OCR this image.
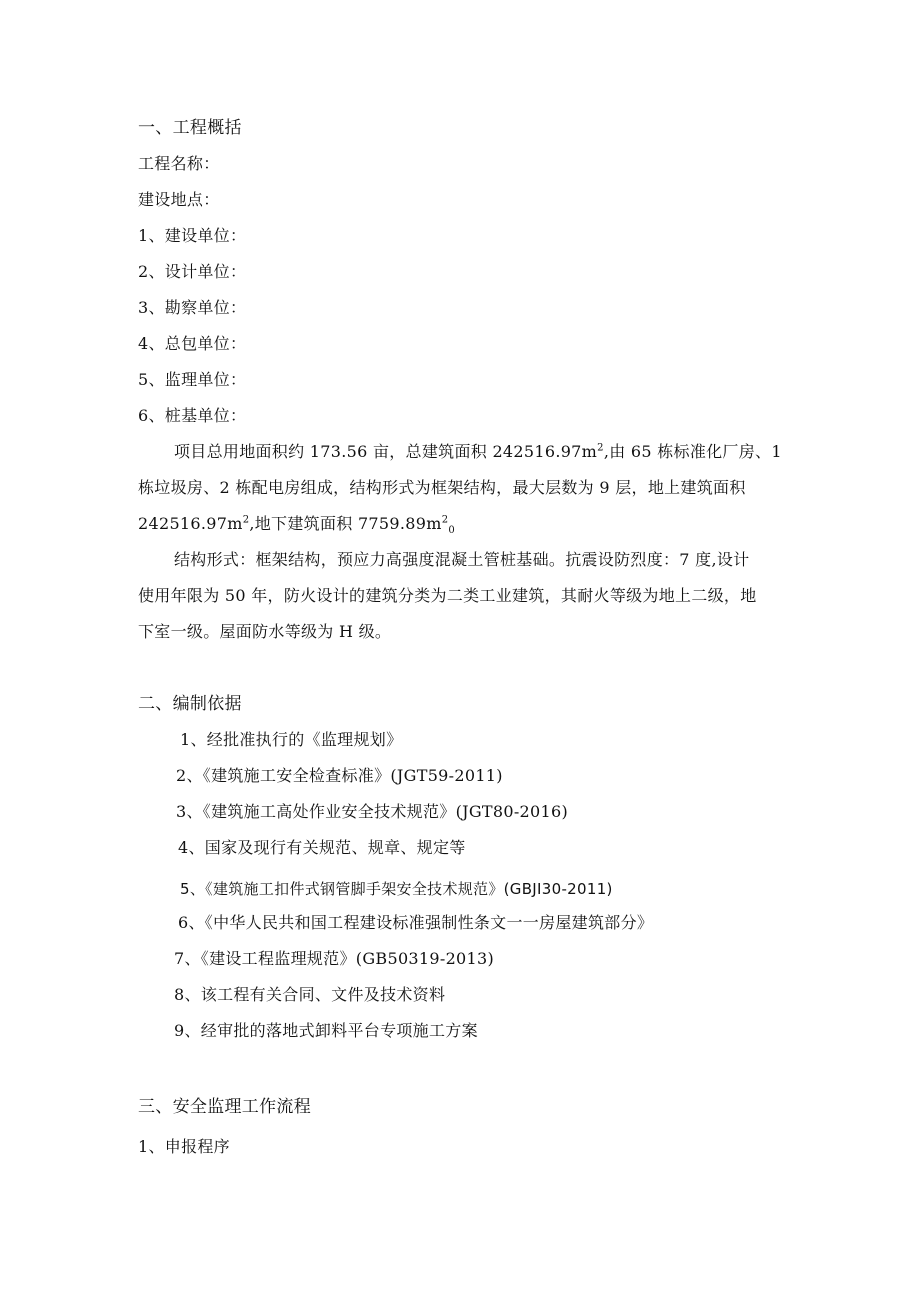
一、工程概括
工程名称：
建设地点：
1、建设单位：
2、设计单位：
3、勘察单位：
4、总包单位：
5、监理单位：
6、桩基单位：
项目总用地面积约 173.56 亩，总建筑面积 $242516.97m^2$,由 65 栋标准化厂房、1
栋垃圾房、2 栋配电房组成，结构形式为框架结构，最大层数为 9 层，地上建筑面积
$242516.97m^2$,地下建筑面积 $7759.89m^2_0$
结构形式：框架结构，预应力高强度混凝土管桩基础。抗震设防烈度：7 度,设计
使用年限为 50 年，防火设计的建筑分类为二类工业建筑，其耐火等级为地上二级，地
下室一级。屋面防水等级为 H 级。
二、编制依据
1、经批准执行的《监理规划》
2、《建筑施工安全检查标准》(JGT59-2011)
3、《建筑施工高处作业安全技术规范》(JGT80-2016)
4、国家及现行有关规范、规章、规定等
5、《建筑施工扣件式钢管脚手架安全技术规范》(GBJI30-2011)
6、《中华人民共和国工程建设标准强制性条文一一房屋建筑部分》
7、《建设工程监理规范》(GB50319-2013)
8、该工程有关合同、文件及技术资料
9、经审批的落地式卸料平台专项施工方案
三、安全监理工作流程
1、申报程序
